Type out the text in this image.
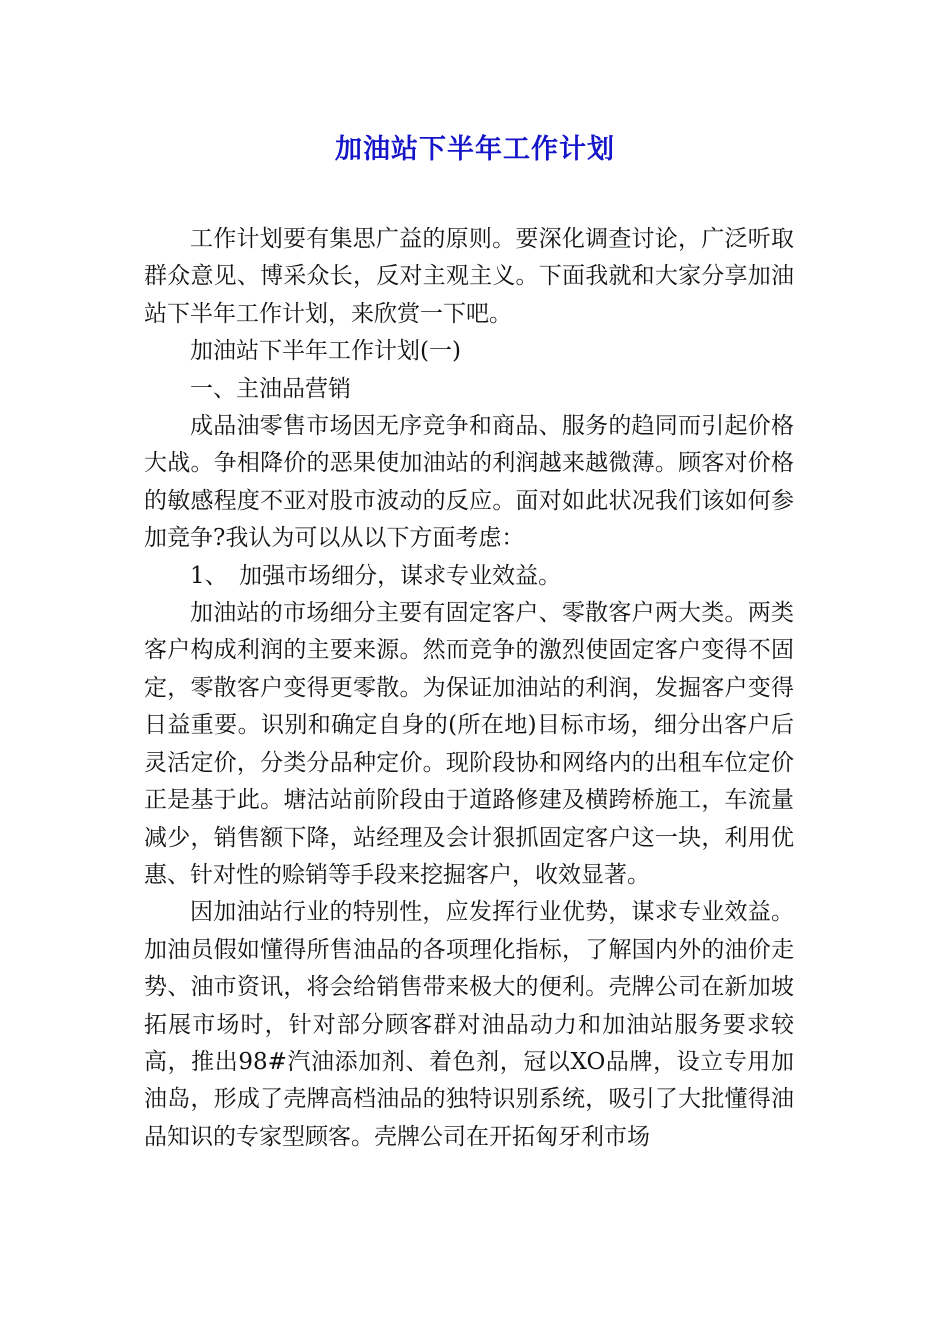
加油站下半年工作计划

工作计划要有集思广益的原则。要深化调查讨论，广泛听取群众意见、博采众长，反对主观主义。下面我就和大家分享加油站下半年工作计划，来欣赏一下吧。

加油站下半年工作计划(一)

一、主油品营销

成品油零售市场因无序竞争和商品、服务的趋同而引起价格大战。争相降价的恶果使加油站的利润越来越微薄。顾客对价格的敏感程度不亚对股市波动的反应。面对如此状况我们该如何参加竞争?我认为可以从以下方面考虑：

1、　加强市场细分，谋求专业效益。

加油站的市场细分主要有固定客户、零散客户两大类。两类客户构成利润的主要来源。然而竞争的激烈使固定客户变得不固定，零散客户变得更零散。为保证加油站的利润，发掘客户变得日益重要。识别和确定自身的(所在地)目标市场，细分出客户后灵活定价，分类分品种定价。现阶段协和网络内的出租车位定价正是基于此。塘沽站前阶段由于道路修建及横跨桥施工，车流量减少，销售额下降，站经理及会计狠抓固定客户这一块，利用优惠、针对性的赊销等手段来挖掘客户，收效显著。

因加油站行业的特别性，应发挥行业优势，谋求专业效益。加油员假如懂得所售油品的各项理化指标，了解国内外的油价走势、油市资讯，将会给销售带来极大的便利。壳牌公司在新加坡拓展市场时，针对部分顾客群对油品动力和加油站服务要求较高，推出98#汽油添加剂、着色剂，冠以XO品牌，设立专用加油岛，形成了壳牌高档油品的独特识别系统，吸引了大批懂得油品知识的专家型顾客。壳牌公司在开拓匈牙利市场
